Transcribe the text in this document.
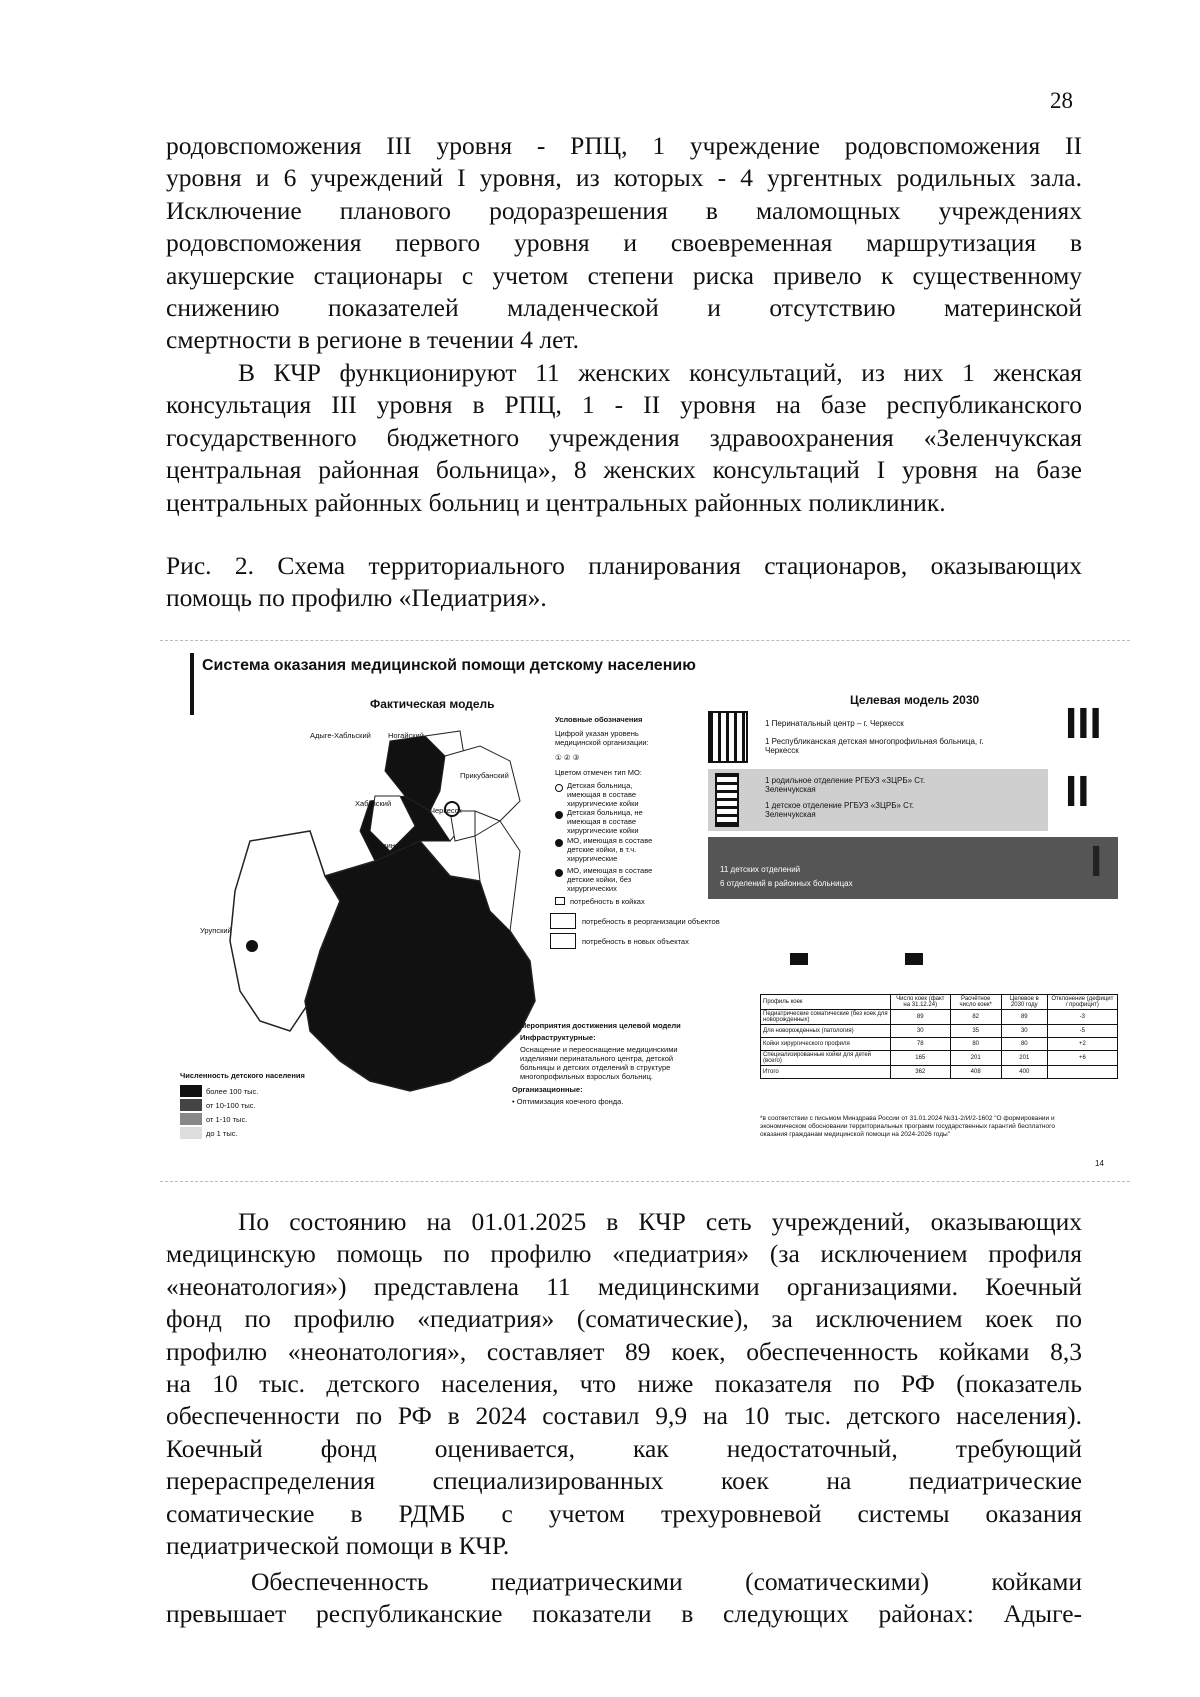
28
родовспоможения III уровня - РПЦ, 1 учреждение родовспоможения II
уровня и 6 учреждений I уровня, из которых - 4 ургентных родильных зала.
Исключение планового родоразрешения в маломощных учреждениях
родовспоможения первого уровня и своевременная маршрутизация в
акушерские стационары с учетом степени риска привело к существенному
снижению показателей младенческой и отсутствию материнской
смертности в регионе в течении 4 лет.
В КЧР функционируют 11 женских консультаций, из них 1 женская
консультация III уровня в РПЦ, 1 - II уровня на базе республиканского
государственного бюджетного учреждения здравоохранения «Зеленчукская
центральная районная больница», 8 женских консультаций I уровня на базе
центральных районных больниц и центральных районных поликлиник.
Рис. 2. Схема территориального планирования стационаров, оказывающих
помощь по профилю «Педиатрия».
Система оказания медицинской помощи детскому населению
Фактическая модель	Целевая модель 2030
Адыге-Хабльский Ногайский
Прикубанский
Хабезский
Черкесск
Абазинский
Урупский
Условные обозначения
Цифрой указан уровень медицинской организации:
① ② ③
Цветом отмечен тип МО:
Детская больница, имеющая в составе хирургические койки
Детская больница, не имеющая в составе хирургические койки
МО, имеющая в составе детские койки, в т.ч. хирургические
МО, имеющая в составе детские койки, без хирургических
потребность в койках
потребность в реорганизации объектов
потребность в новых объектах
Численность детского населения
более 100 тыс.
от 10-100 тыс.
от 1-10 тыс.
до 1 тыс.
Мероприятия достижения целевой модели
Инфраструктурные:
Оснащение и переоснащение медицинскими изделиями перинатального центра, детской больницы и детских отделений в структуре многопрофильных взрослых больниц.
Организационные:
• Оптимизация коечного фонда.
1 Перинатальный центр – г. Черкесск
1 Республиканская детская многопрофильная больница, г. Черкесск
III
1 родильное отделение РГБУЗ «ЗЦРБ» Ст. Зеленчукская
1 детское отделение РГБУЗ «ЗЦРБ» Ст. Зеленчукская	II
11 детских отделений
6 отделений в районных больницах	I
Профиль коек	Число коек (факт на 31.12.24)	Расчётное число коек*	Целевое в 2030 году	Отклонение (дефицит / профицит)
Педиатрические соматические (без коек для новорожденных)	89	82	89	-3
Для новорожденных (патология)	30	35	30	-5
Койки хирургического профиля	78	80	80	+2
Специализированные койки для детей (всего)	165	201	201	+6
Итого	362	408	400	
*в соответствии с письмом Минздрава России от 31.01.2024 №31-2/И/2-1602 "О формировании и экономическом обосновании территориальных программ государственных гарантий бесплатного оказания гражданам медицинской помощи на 2024-2026 годы"
14
По состоянию на 01.01.2025 в КЧР сеть учреждений, оказывающих
медицинскую помощь по профилю «педиатрия» (за исключением профиля
«неонатология») представлена 11 медицинскими организациями. Коечный
фонд по профилю «педиатрия» (соматические), за исключением коек по
профилю «неонатология», составляет 89 коек, обеспеченность койками 8,3
на 10 тыс. детского населения, что ниже показателя по РФ (показатель
обеспеченности по РФ в 2024 составил 9,9 на 10 тыс. детского населения).
Коечный фонд оценивается, как недостаточный, требующий
перераспределения специализированных коек на педиатрические
соматические в РДМБ с учетом трехуровневой системы оказания
педиатрической помощи в КЧР.
Обеспеченность педиатрическими (соматическими) койками
превышает республиканские показатели в следующих районах: Адыге-
